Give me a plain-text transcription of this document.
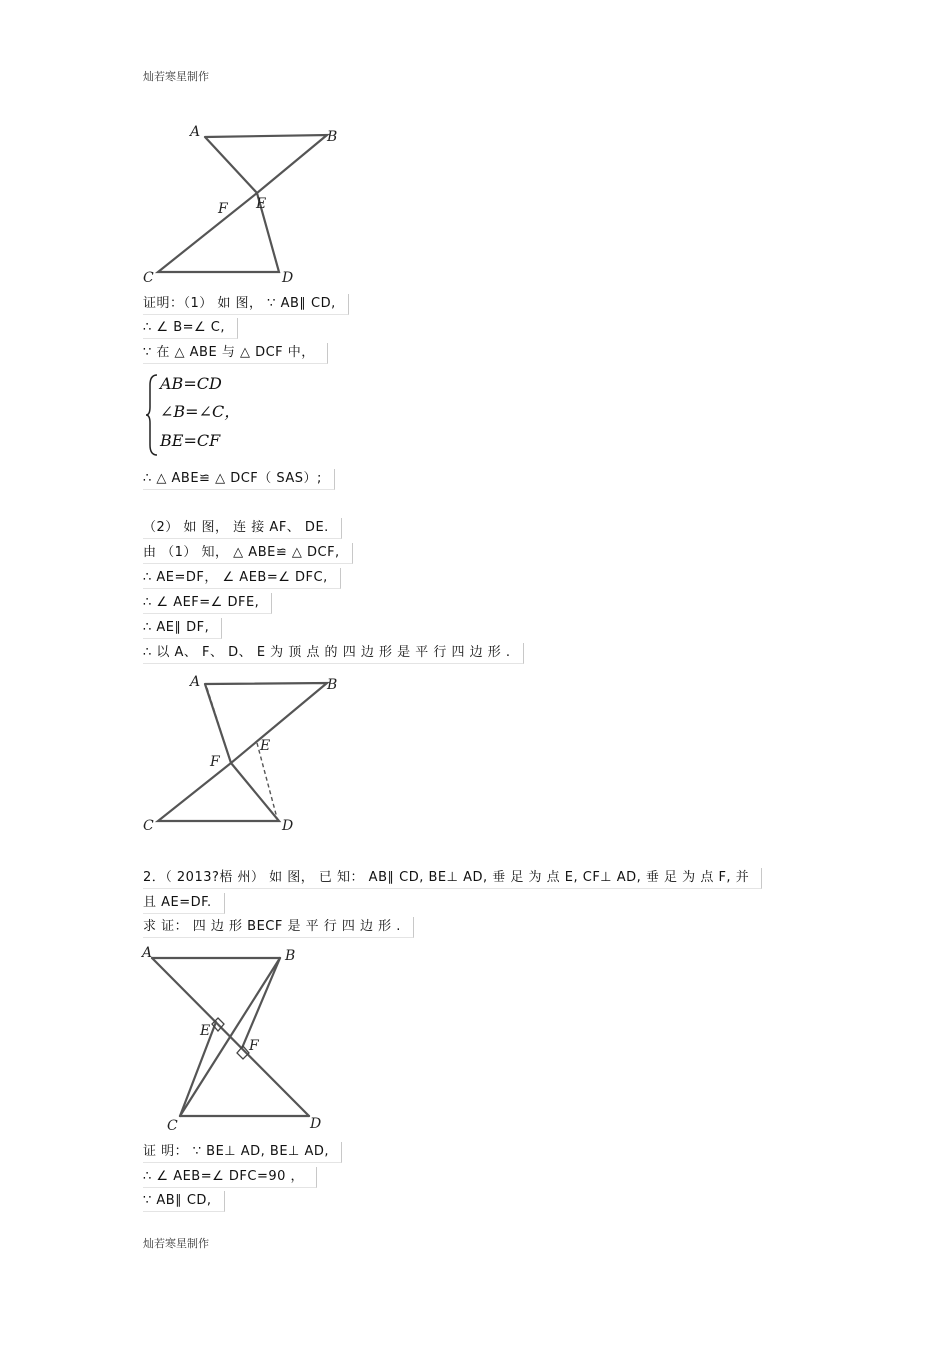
灿若寒星制作
A	B
C	D
E
F
证明：（1） 如 图， ∵ AB∥ CD,
∴ ∠ B=∠ C,
∵ 在 △ ABE 与 △ DCF 中，
AB=CD
∠B=∠C，
BE=CF
∴ △ ABE≌ △ DCF（ SAS）;
（2） 如 图， 连 接 AF、 DE.
由 （1） 知， △ ABE≌ △ DCF,
∴ AE=DF， ∠ AEB=∠ DFC,
∴ ∠ AEF=∠ DFE,
∴ AE∥ DF,
∴ 以 A、 F、 D、 E 为 顶 点 的 四 边 形 是 平 行 四 边 形 .
A	B
C	D
E
F
2．（ 2013?梧 州） 如 图， 已 知： AB∥ CD, BE⊥ AD, 垂 足 为 点 E, CF⊥ AD, 垂 足 为 点 F, 并
且 AE=DF.
求 证： 四 边 形 BECF 是 平 行 四 边 形 .
A	B
C	D
E
F
证 明： ∵ BE⊥ AD, BE⊥ AD,
∴ ∠ AEB=∠ DFC=90 ，
∵ AB∥ CD,
灿若寒星制作
